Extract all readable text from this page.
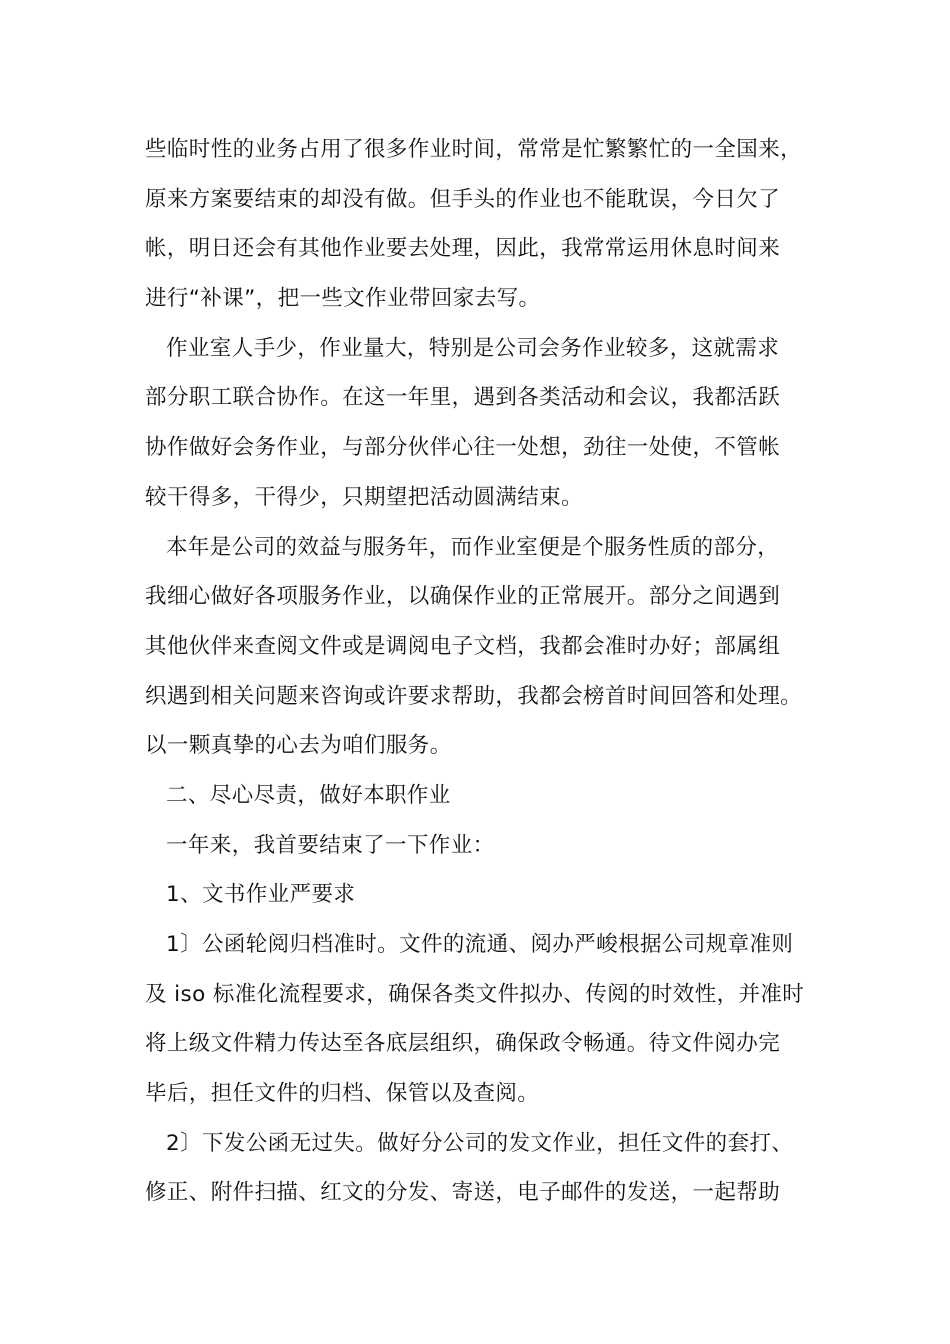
些临时性的业务占用了很多作业时间，常常是忙繁繁忙的一全国来，
原来方案要结束的却没有做。但手头的作业也不能耽误，今日欠了
帐，明日还会有其他作业要去处理，因此，我常常运用休息时间来
进行“补课”，把一些文作业带回家去写。
作业室人手少，作业量大，特别是公司会务作业较多，这就需求
部分职工联合协作。在这一年里，遇到各类活动和会议，我都活跃
协作做好会务作业，与部分伙伴心往一处想，劲往一处使，不管帐
较干得多，干得少，只期望把活动圆满结束。
本年是公司的效益与服务年，而作业室便是个服务性质的部分，
我细心做好各项服务作业，以确保作业的正常展开。部分之间遇到
其他伙伴来查阅文件或是调阅电子文档，我都会准时办好；部属组
织遇到相关问题来咨询或许要求帮助，我都会榜首时间回答和处理。
以一颗真挚的心去为咱们服务。
二、尽心尽责，做好本职作业
一年来，我首要结束了一下作业：
1、文书作业严要求
1〕公函轮阅归档准时。文件的流通、阅办严峻根据公司规章准则
及 iso 标准化流程要求，确保各类文件拟办、传阅的时效性，并准时
将上级文件精力传达至各底层组织，确保政令畅通。待文件阅办完
毕后，担任文件的归档、保管以及查阅。
2〕下发公函无过失。做好分公司的发文作业，担任文件的套打、
修正、附件扫描、红文的分发、寄送，电子邮件的发送，一起帮助
